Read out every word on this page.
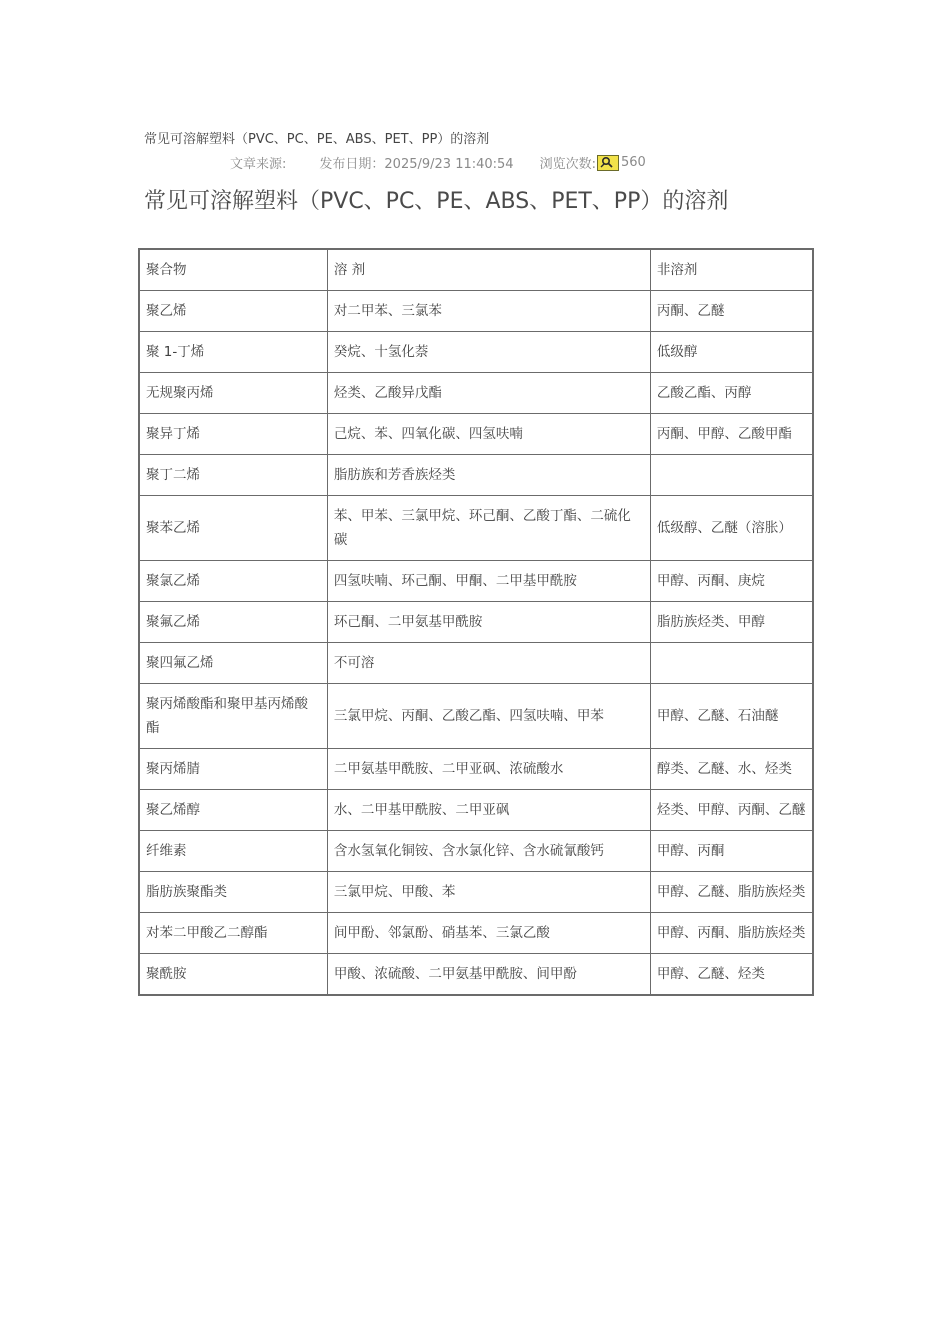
常见可溶解塑料（PVC、PC、PE、ABS、PET、PP）的溶剂
文章来源:	发布日期：2025/9/23 11:40:54 浏览次数: 560
常见可溶解塑料（PVC、PC、PE、ABS、PET、PP）的溶剂
聚合物	溶 剂	非溶剂
聚乙烯	对二甲苯、三氯苯	丙酮、乙醚
聚 1-丁烯	癸烷、十氢化萘	低级醇
无规聚丙烯	烃类、乙酸异戊酯	乙酸乙酯、丙醇
聚异丁烯	己烷、苯、四氧化碳、四氢呋喃	丙酮、甲醇、乙酸甲酯
聚丁二烯	脂肪族和芳香族烃类	
聚苯乙烯	苯、甲苯、三氯甲烷、环己酮、乙酸丁酯、二硫化碳	低级醇、乙醚（溶胀）
聚氯乙烯	四氢呋喃、环己酮、甲酮、二甲基甲酰胺	甲醇、丙酮、庚烷
聚氟乙烯	环己酮、二甲氨基甲酰胺	脂肪族烃类、甲醇
聚四氟乙烯	不可溶	
聚丙烯酸酯和聚甲基丙烯酸酯	三氯甲烷、丙酮、乙酸乙酯、四氢呋喃、甲苯	甲醇、乙醚、石油醚
聚丙烯腈	二甲氨基甲酰胺、二甲亚砜、浓硫酸水	醇类、乙醚、水、烃类
聚乙烯醇	水、二甲基甲酰胺、二甲亚砜	烃类、甲醇、丙酮、乙醚
纤维素	含水氢氧化铜铵、含水氯化锌、含水硫氰酸钙	甲醇、丙酮
脂肪族聚酯类	三氯甲烷、甲酸、苯	甲醇、乙醚、脂肪族烃类
对苯二甲酸乙二醇酯	间甲酚、邻氯酚、硝基苯、三氯乙酸	甲醇、丙酮、脂肪族烃类
聚酰胺	甲酸、浓硫酸、二甲氨基甲酰胺、间甲酚	甲醇、乙醚、烃类
